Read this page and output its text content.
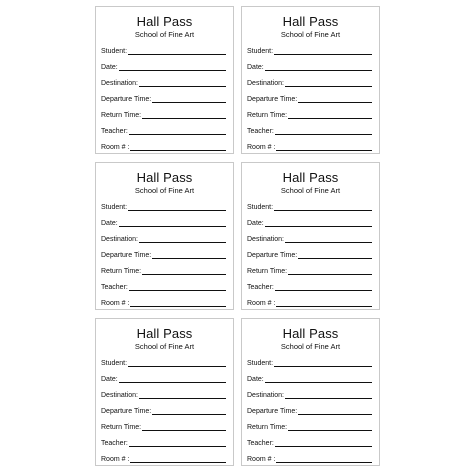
Hall Pass
School of Fine Art
Student:
Date:
Destination:
Departure Time:
Return Time:
Teacher:
Room # :
Hall Pass
School of Fine Art
Student:
Date:
Destination:
Departure Time:
Return Time:
Teacher:
Room # :
Hall Pass
School of Fine Art
Student:
Date:
Destination:
Departure Time:
Return Time:
Teacher:
Room # :
Hall Pass
School of Fine Art
Student:
Date:
Destination:
Departure Time:
Return Time:
Teacher:
Room # :
Hall Pass
School of Fine Art
Student:
Date:
Destination:
Departure Time:
Return Time:
Teacher:
Room # :
Hall Pass
School of Fine Art
Student:
Date:
Destination:
Departure Time:
Return Time:
Teacher:
Room # :
